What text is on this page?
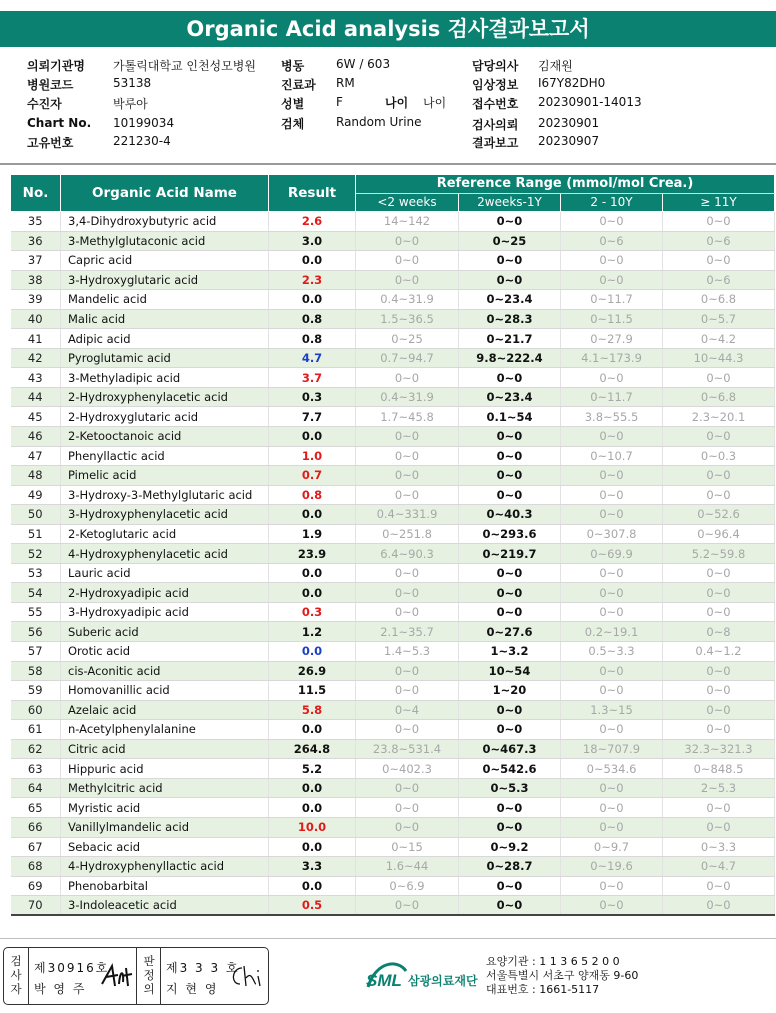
Organic Acid analysis 검사결과보고서
의뢰기관명 가톨릭대학교 인천성모병원
병원코드	53138
수진자	박루아
Chart No. 10199034
고유번호	221230-4
병동	6W / 603
진료과 RM
성별	F
검체	Random Urine
담당의사 김재원
임상정보 I67Y82DH0
접수번호 20230901-14013
검사의뢰 20230901
결과보고 20230907
나이 나이
No.	Organic Acid Name	Result	Reference Range (mmol/mol Crea.)			
			<2 weeks	2weeks-1Y	2 - 10Y	≥ 11Y
35	3,4-Dihydroxybutyric acid	2.6	14~142	0~0	0~0	0~0
36	3-Methylglutaconic acid	3.0	0~0	0~25	0~6	0~6
37	Capric acid	0.0	0~0	0~0	0~0	0~0
38	3-Hydroxyglutaric acid	2.3	0~0	0~0	0~0	0~6
39	Mandelic acid	0.0	0.4~31.9	0~23.4	0~11.7	0~6.8
40	Malic acid	0.8	1.5~36.5	0~28.3	0~11.5	0~5.7
41	Adipic acid	0.8	0~25	0~21.7	0~27.9	0~4.2
42	Pyroglutamic acid	4.7	0.7~94.7	9.8~222.4	4.1~173.9	10~44.3
43	3-Methyladipic acid	3.7	0~0	0~0	0~0	0~0
44	2-Hydroxyphenylacetic acid	0.3	0.4~31.9	0~23.4	0~11.7	0~6.8
45	2-Hydroxyglutaric acid	7.7	1.7~45.8	0.1~54	3.8~55.5	2.3~20.1
46	2-Ketooctanoic acid	0.0	0~0	0~0	0~0	0~0
47	Phenyllactic acid	1.0	0~0	0~0	0~10.7	0~0.3
48	Pimelic acid	0.7	0~0	0~0	0~0	0~0
49	3-Hydroxy-3-Methylglutaric acid	0.8	0~0	0~0	0~0	0~0
50	3-Hydroxyphenylacetic acid	0.0	0.4~331.9	0~40.3	0~0	0~52.6
51	2-Ketoglutaric acid	1.9	0~251.8	0~293.6	0~307.8	0~96.4
52	4-Hydroxyphenylacetic acid	23.9	6.4~90.3	0~219.7	0~69.9	5.2~59.8
53	Lauric acid	0.0	0~0	0~0	0~0	0~0
54	2-Hydroxyadipic acid	0.0	0~0	0~0	0~0	0~0
55	3-Hydroxyadipic acid	0.3	0~0	0~0	0~0	0~0
56	Suberic acid	1.2	2.1~35.7	0~27.6	0.2~19.1	0~8
57	Orotic acid	0.0	1.4~5.3	1~3.2	0.5~3.3	0.4~1.2
58	cis-Aconitic acid	26.9	0~0	10~54	0~0	0~0
59	Homovanillic acid	11.5	0~0	1~20	0~0	0~0
60	Azelaic acid	5.8	0~4	0~0	1.3~15	0~0
61	n-Acetylphenylalanine	0.0	0~0	0~0	0~0	0~0
62	Citric acid	264.8	23.8~531.4	0~467.3	18~707.9	32.3~321.3
63	Hippuric acid	5.2	0~402.3	0~542.6	0~534.6	0~848.5
64	Methylcitric acid	0.0	0~0	0~5.3	0~0	2~5.3
65	Myristic acid	0.0	0~0	0~0	0~0	0~0
66	Vanillylmandelic acid	10.0	0~0	0~0	0~0	0~0
67	Sebacic acid	0.0	0~15	0~9.2	0~9.7	0~3.3
68	4-Hydroxyphenyllactic acid	3.3	1.6~44	0~28.7	0~19.6	0~4.7
69	Phenobarbital	0.0	0~6.9	0~0	0~0	0~0
70	3-Indoleacetic acid	0.5	0~0	0~0	0~0	0~0
검
사
자
제30916호
박 영 주
판
정
의
제3 3 3 호
지 현 영	SML 삼광의료재단
요양기관 : 1 1 3 6 5 2 0 0
서울특별시 서초구 양재동 9-60
대표번호 : 1661-5117
